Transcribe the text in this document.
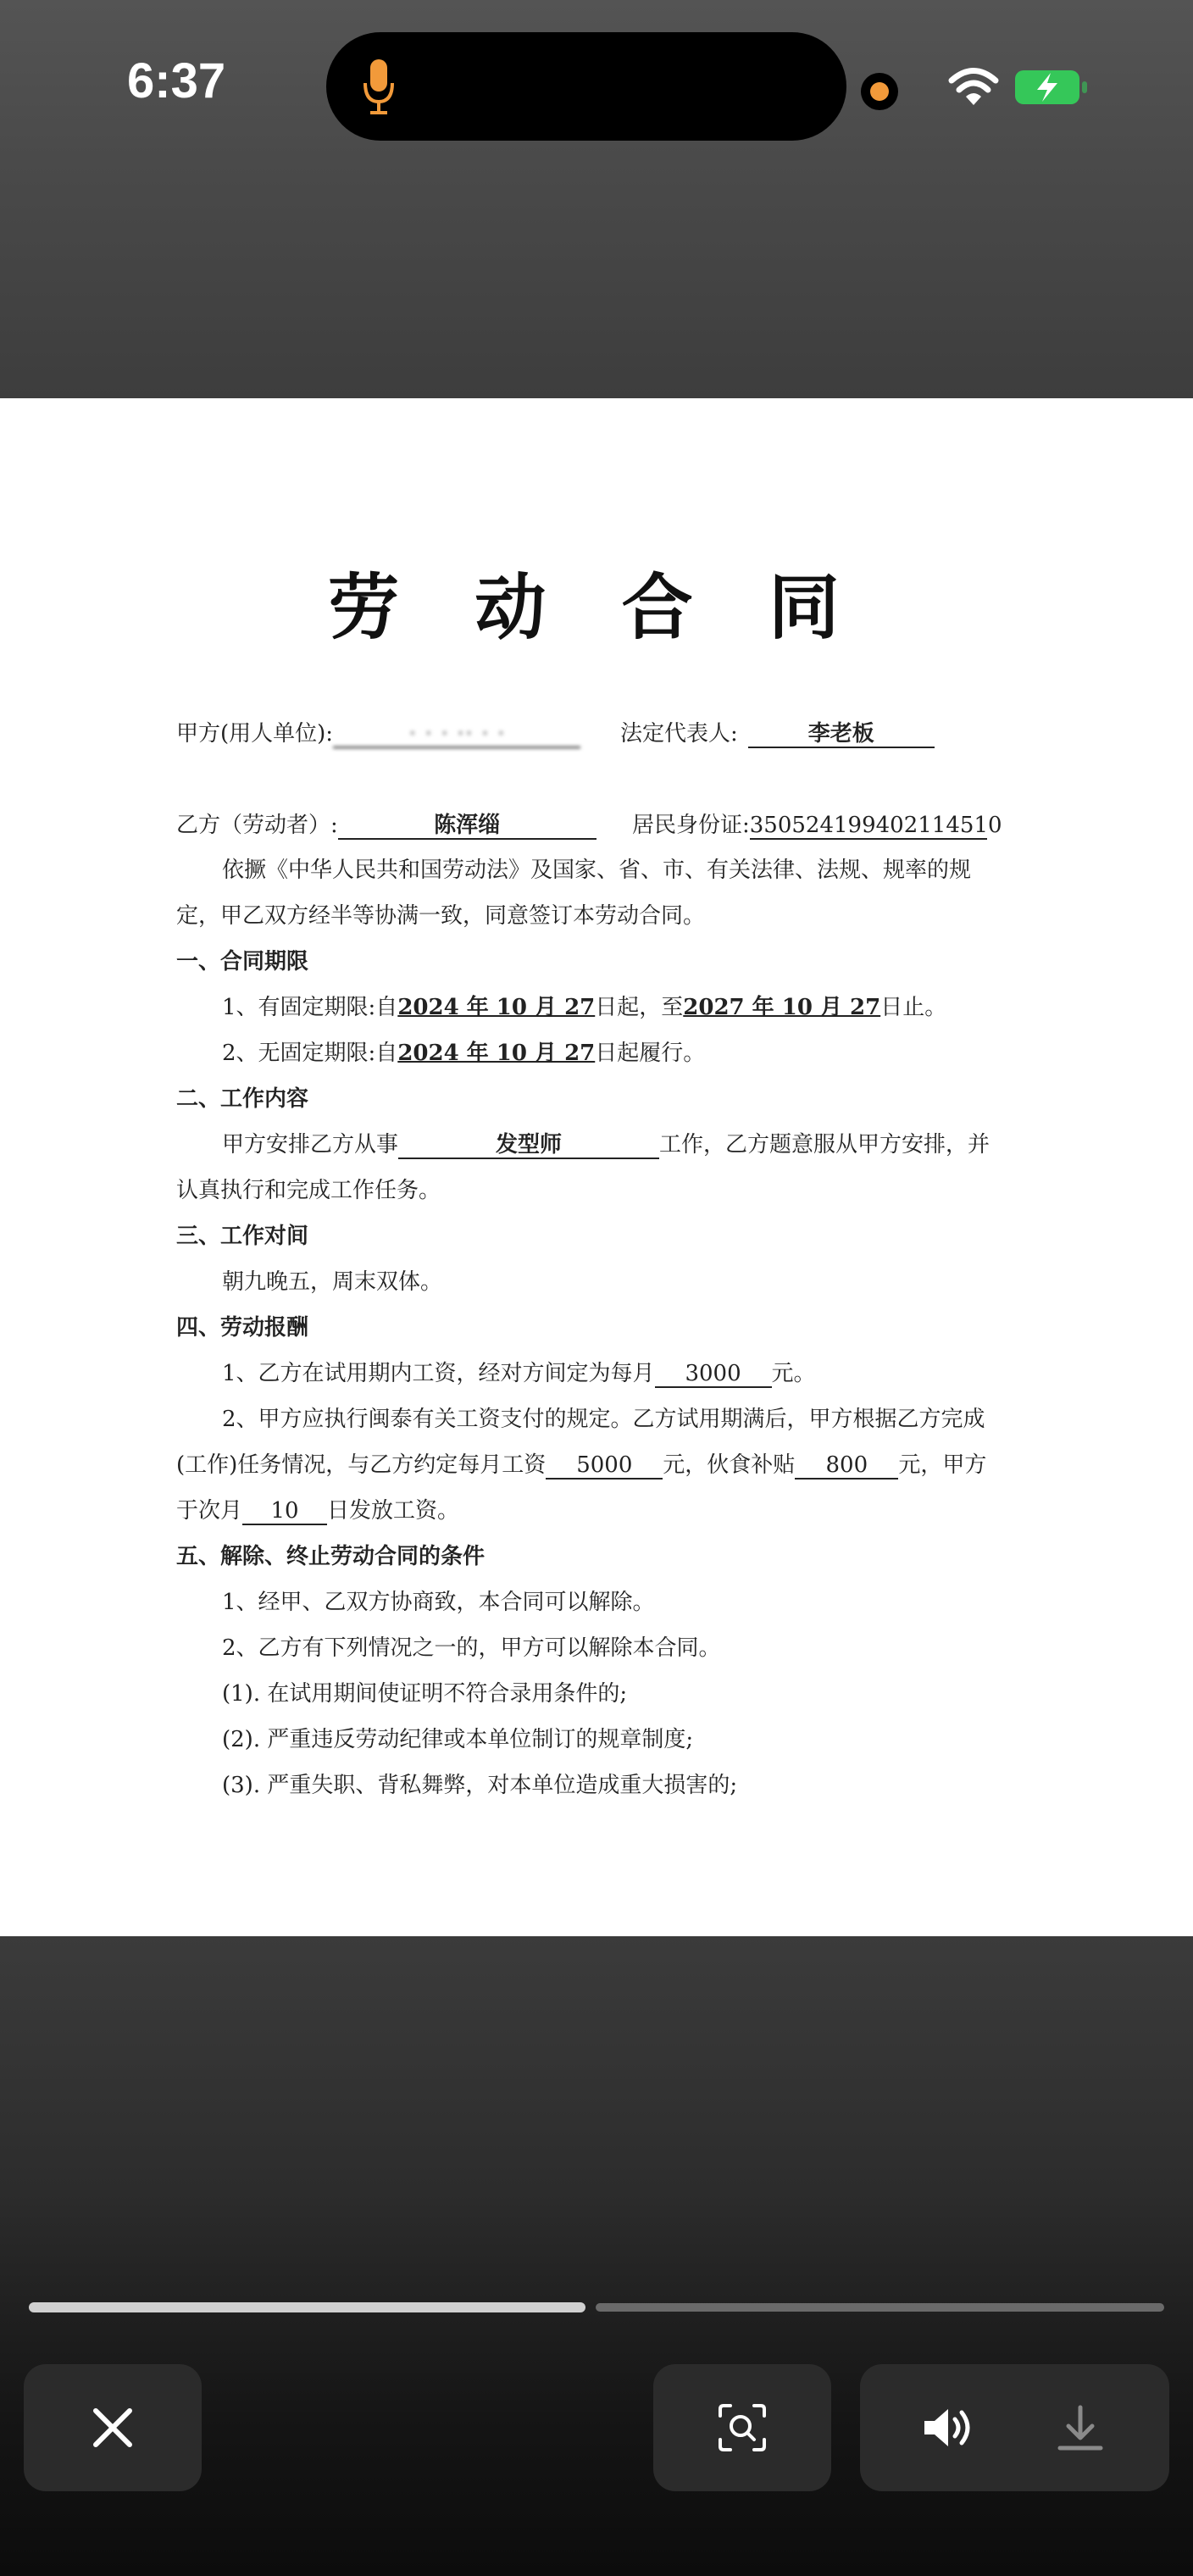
6:37
劳 动 合 同
甲方(用人单位):	· · · ·· · ·	法定代表人:	李老板
乙方（劳动者）:	陈浑缁	居民身份证:350524199402114510
依撅《中华人民共和国劳动法》及国家、省、市、有关法律、法规、规率的规
定，甲乙双方经半等协满一致，同意签订本劳动合同。
一、合同期限
1、有固定期限:自2024 年 10 月 27日起，至2027 年 10 月 27日止。
2、无固定期限:自2024 年 10 月 27日起履行。
二、工作内容
甲方安排乙方从事	发型师	工作，乙方题意服从甲方安排，并
认真执行和完成工作任务。
三、工作对间
朝九晚五，周末双体。
四、劳动报酬
1、乙方在试用期内工资，经对方间定为每月 3000 元。
2、甲方应执行闽泰有关工资支付的规定。乙方试用期满后，甲方根据乙方完成
(工作)任务情况，与乙方约定每月工资 5000 元，伙食补贴 800 元，甲方
于次月 10 日发放工资。
五、解除、终止劳动合同的条件
1、经甲、乙双方协商致，本合同可以解除。
2、乙方有下列情况之一的，甲方可以解除本合同。
(1). 在试用期间使证明不符合录用条件的;
(2). 严重违反劳动纪律或本单位制订的规章制度;
(3). 严重失职、背私舞弊，对本单位造成重大损害的;
